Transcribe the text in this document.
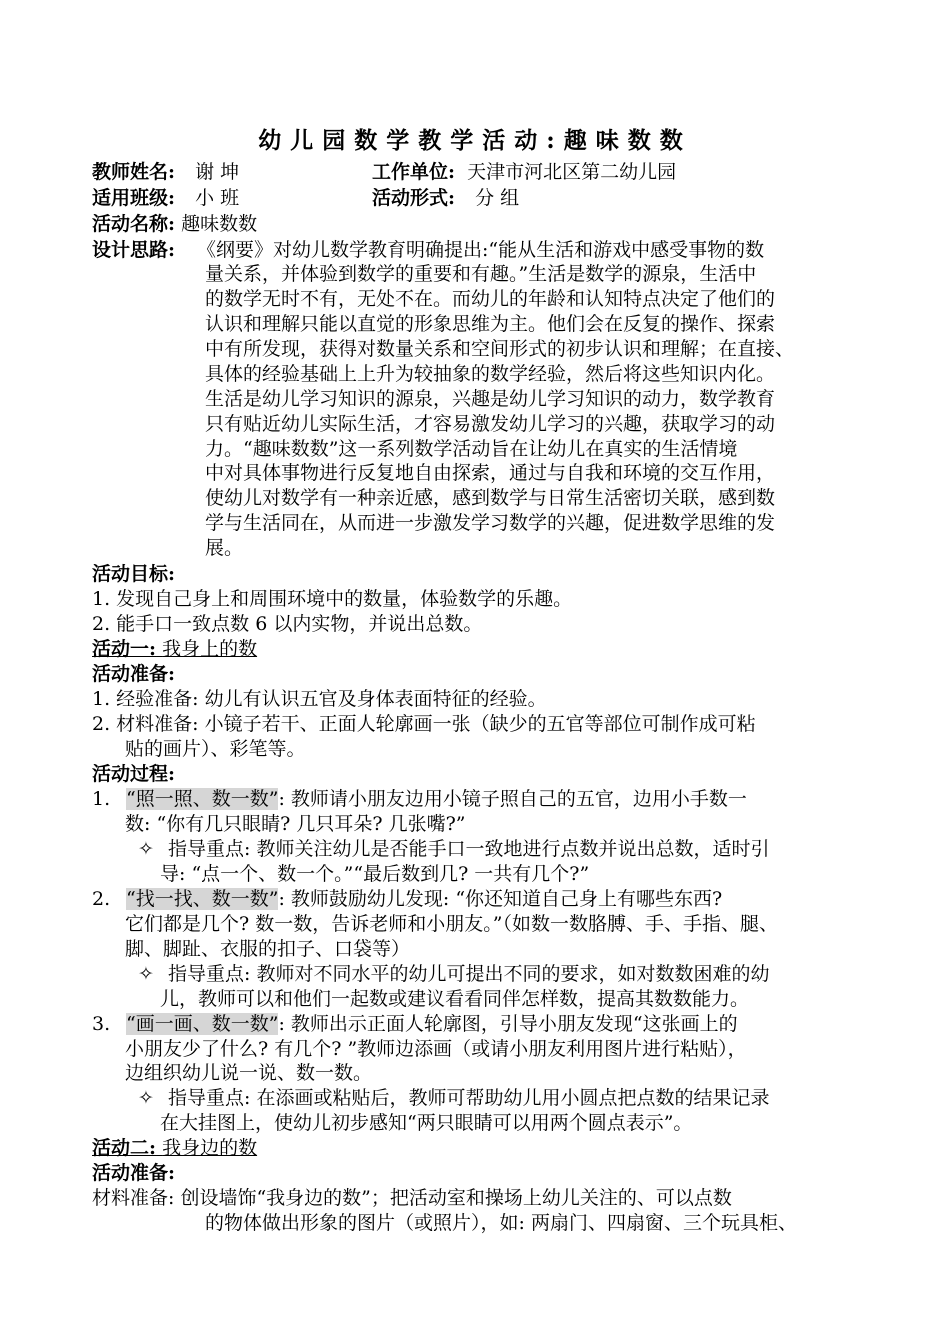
幼儿园数学教学活动:趣味数数
教师姓名: 谢 坤	工作单位: 天津市河北区第二幼儿园
适用班级: 小 班	活动形式: 分 组
活动名称: 趣味数数
设计思路: 《纲要》对幼儿数学教育明确提出:“能从生活和游戏中感受事物的数
量关系，并体验到数学的重要和有趣。”生活是数学的源泉，生活中
的数学无时不有，无处不在。而幼儿的年龄和认知特点决定了他们的
认识和理解只能以直觉的形象思维为主。他们会在反复的操作、探索
中有所发现，获得对数量关系和空间形式的初步认识和理解；在直接、
具体的经验基础上上升为较抽象的数学经验，然后将这些知识内化。
生活是幼儿学习知识的源泉，兴趣是幼儿学习知识的动力，数学教育
只有贴近幼儿实际生活，才容易激发幼儿学习的兴趣，获取学习的动
力。“趣味数数”这一系列数学活动旨在让幼儿在真实的生活情境
中对具体事物进行反复地自由探索，通过与自我和环境的交互作用，
使幼儿对数学有一种亲近感，感到数学与日常生活密切关联，感到数
学与生活同在，从而进一步激发学习数学的兴趣，促进数学思维的发
展。
活动目标:
1. 发现自己身上和周围环境中的数量，体验数学的乐趣。
2. 能手口一致点数 6 以内实物，并说出总数。
活动一: 我身上的数
活动准备:
1. 经验准备: 幼儿有认识五官及身体表面特征的经验。
2. 材料准备: 小镜子若干、正面人轮廓画一张（缺少的五官等部位可制作成可粘
贴的画片）、彩笔等。
活动过程:
1. “照一照、数一数”: 教师请小朋友边用小镜子照自己的五官，边用小手数一
数: “你有几只眼睛? 几只耳朵? 几张嘴?”
✧ 指导重点: 教师关注幼儿是否能手口一致地进行点数并说出总数，适时引
导: “点一个、数一个。”“最后数到几? 一共有几个?”
2. “找一找、数一数”: 教师鼓励幼儿发现: “你还知道自己身上有哪些东西?
它们都是几个? 数一数，告诉老师和小朋友。”（如数一数胳膊、手、手指、腿、
脚、脚趾、衣服的扣子、口袋等）
✧ 指导重点: 教师对不同水平的幼儿可提出不同的要求，如对数数困难的幼
儿，教师可以和他们一起数或建议看看同伴怎样数，提高其数数能力。
3. “画一画、数一数”: 教师出示正面人轮廓图，引导小朋友发现“这张画上的
小朋友少了什么? 有几个? ”教师边添画（或请小朋友利用图片进行粘贴），
边组织幼儿说一说、数一数。
✧ 指导重点: 在添画或粘贴后，教师可帮助幼儿用小圆点把点数的结果记录
在大挂图上，使幼儿初步感知“两只眼睛可以用两个圆点表示”。
活动二: 我身边的数
活动准备:
材料准备: 创设墙饰“我身边的数”；把活动室和操场上幼儿关注的、可以点数
的物体做出形象的图片（或照片），如: 两扇门、四扇窗、三个玩具柜、
